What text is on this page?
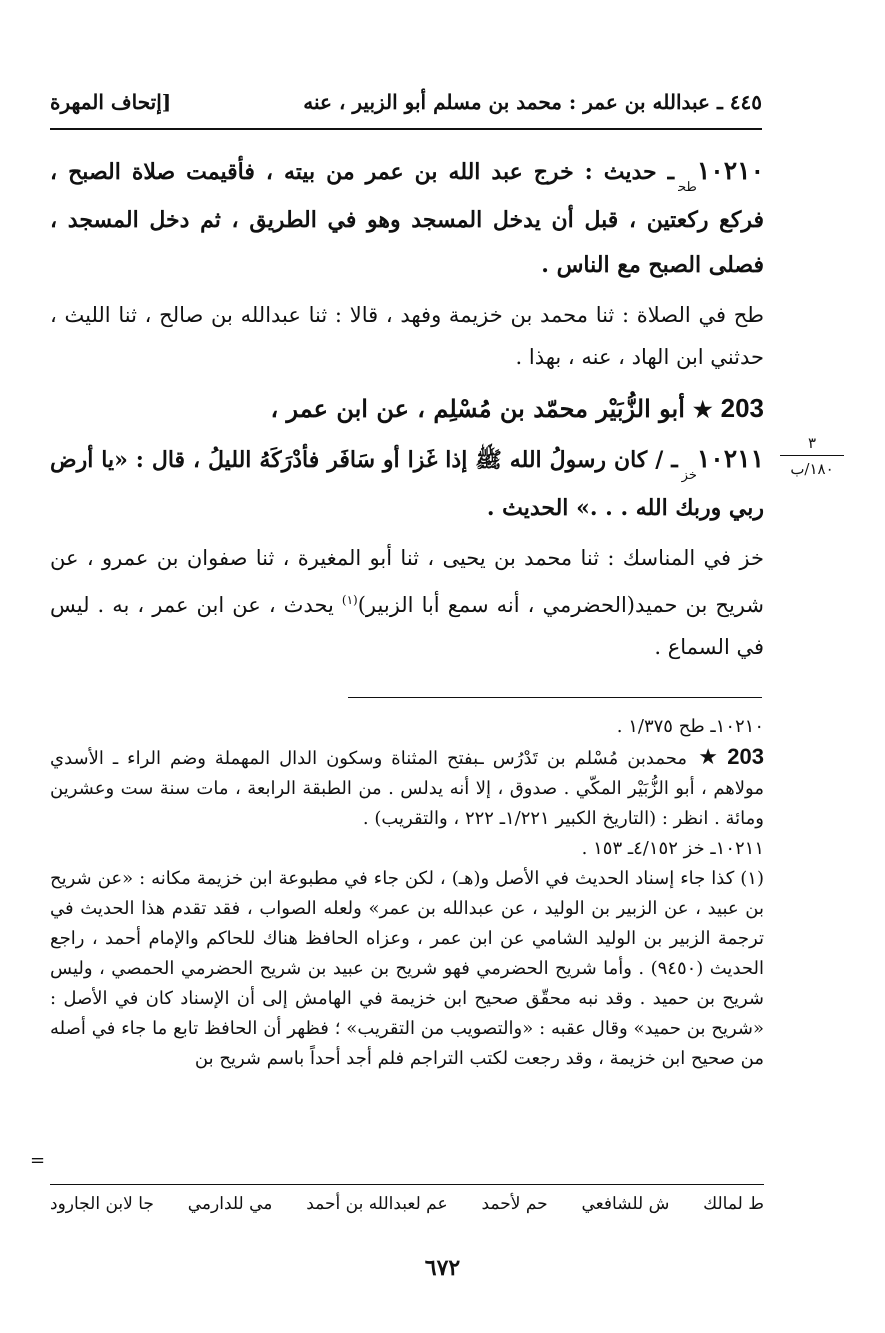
٤٤٥ ـ عبدالله بن عمر : محمد بن مسلم أبو الزبير ، عنه
[إتحاف المهرة
٣
١٨٠/ب

$١٠٢١٠_{طح}ـ$ حديث : خرج عبد الله بن عمر من بيته ، فأقيمت صلاة الصبح ، فركع ركعتين ، قبل أن يدخل المسجد وهو في الطريق ، ثم دخل المسجد ، فصلى الصبح مع الناس .

طح في الصلاة : ثنا محمد بن خزيمة وفهد ، قالا : ثنا عبدالله بن صالح ، ثنا الليث ، حدثني ابن الهاد ، عنه ، بهذا .

203★أبو الزُّبَيْر محمّد بن مُسْلِم ، عن ابن عمر ،

$١٠٢١١_{خز}ـ$ / كان رسولُ الله ﷺ إذا غَزا أو سَافَر فأدْرَكَهُ الليلُ ، قال : «يا أرض ربي وربك الله . . .» الحديث .

خز في المناسك : ثنا محمد بن يحيى ، ثنا أبو المغيرة ، ثنا صفوان بن عمرو ، عن شريح بن حميد(الحضرمي ، أنه سمع أبا الزبير)$^{(١)}$ يحدث ، عن ابن عمر ، به . ليس في السماع .

١٠٢١٠ـ طح ١/٣٧٥ .

203★محمدبن مُسْلم بن تَدْرُس ـبفتح المثناة وسكون الدال المهملة وضم الراء ـ الأسدي مولاهم ، أبو الزُّبَيْر المكّي . صدوق ، إلا أنه يدلس . من الطبقة الرابعة ، مات سنة ست وعشرين ومائة . انظر : (التاريخ الكبير ١/٢٢١ـ ٢٢٢ ، والتقريب) .

١٠٢١١ـ خز ٤/١٥٢ـ ١٥٣ .

(١) كذا جاء إسناد الحديث في الأصل و(هـ) ، لكن جاء في مطبوعة ابن خزيمة مكانه : «عن شريح بن عبيد ، عن الزبير بن الوليد ، عن عبدالله بن عمر» ولعله الصواب ، فقد تقدم هذا الحديث في ترجمة الزبير بن الوليد الشامي عن ابن عمر ، وعزاه الحافظ هناك للحاكم والإمام أحمد ، راجع الحديث (٩٤٥٠) . وأما شريح الحضرمي فهو شريح بن عبيد بن شريح الحضرمي الحمصي ، وليس شريح بن حميد . وقد نبه محقّق صحيح ابن خزيمة في الهامش إلى أن الإسناد كان في الأصل : «شريح بن حميد» وقال عقبه : «والتصويب من التقريب» ؛ فظهر أن الحافظ تابع ما جاء في أصله من صحيح ابن خزيمة ، وقد رجعت لكتب التراجم فلم أجد أحداً باسم شريح بن

=
ط لمالك
ش للشافعي
حم لأحمد
عم لعبدالله بن أحمد
مي للدارمي
جا لابن الجارود
٦٧٢
